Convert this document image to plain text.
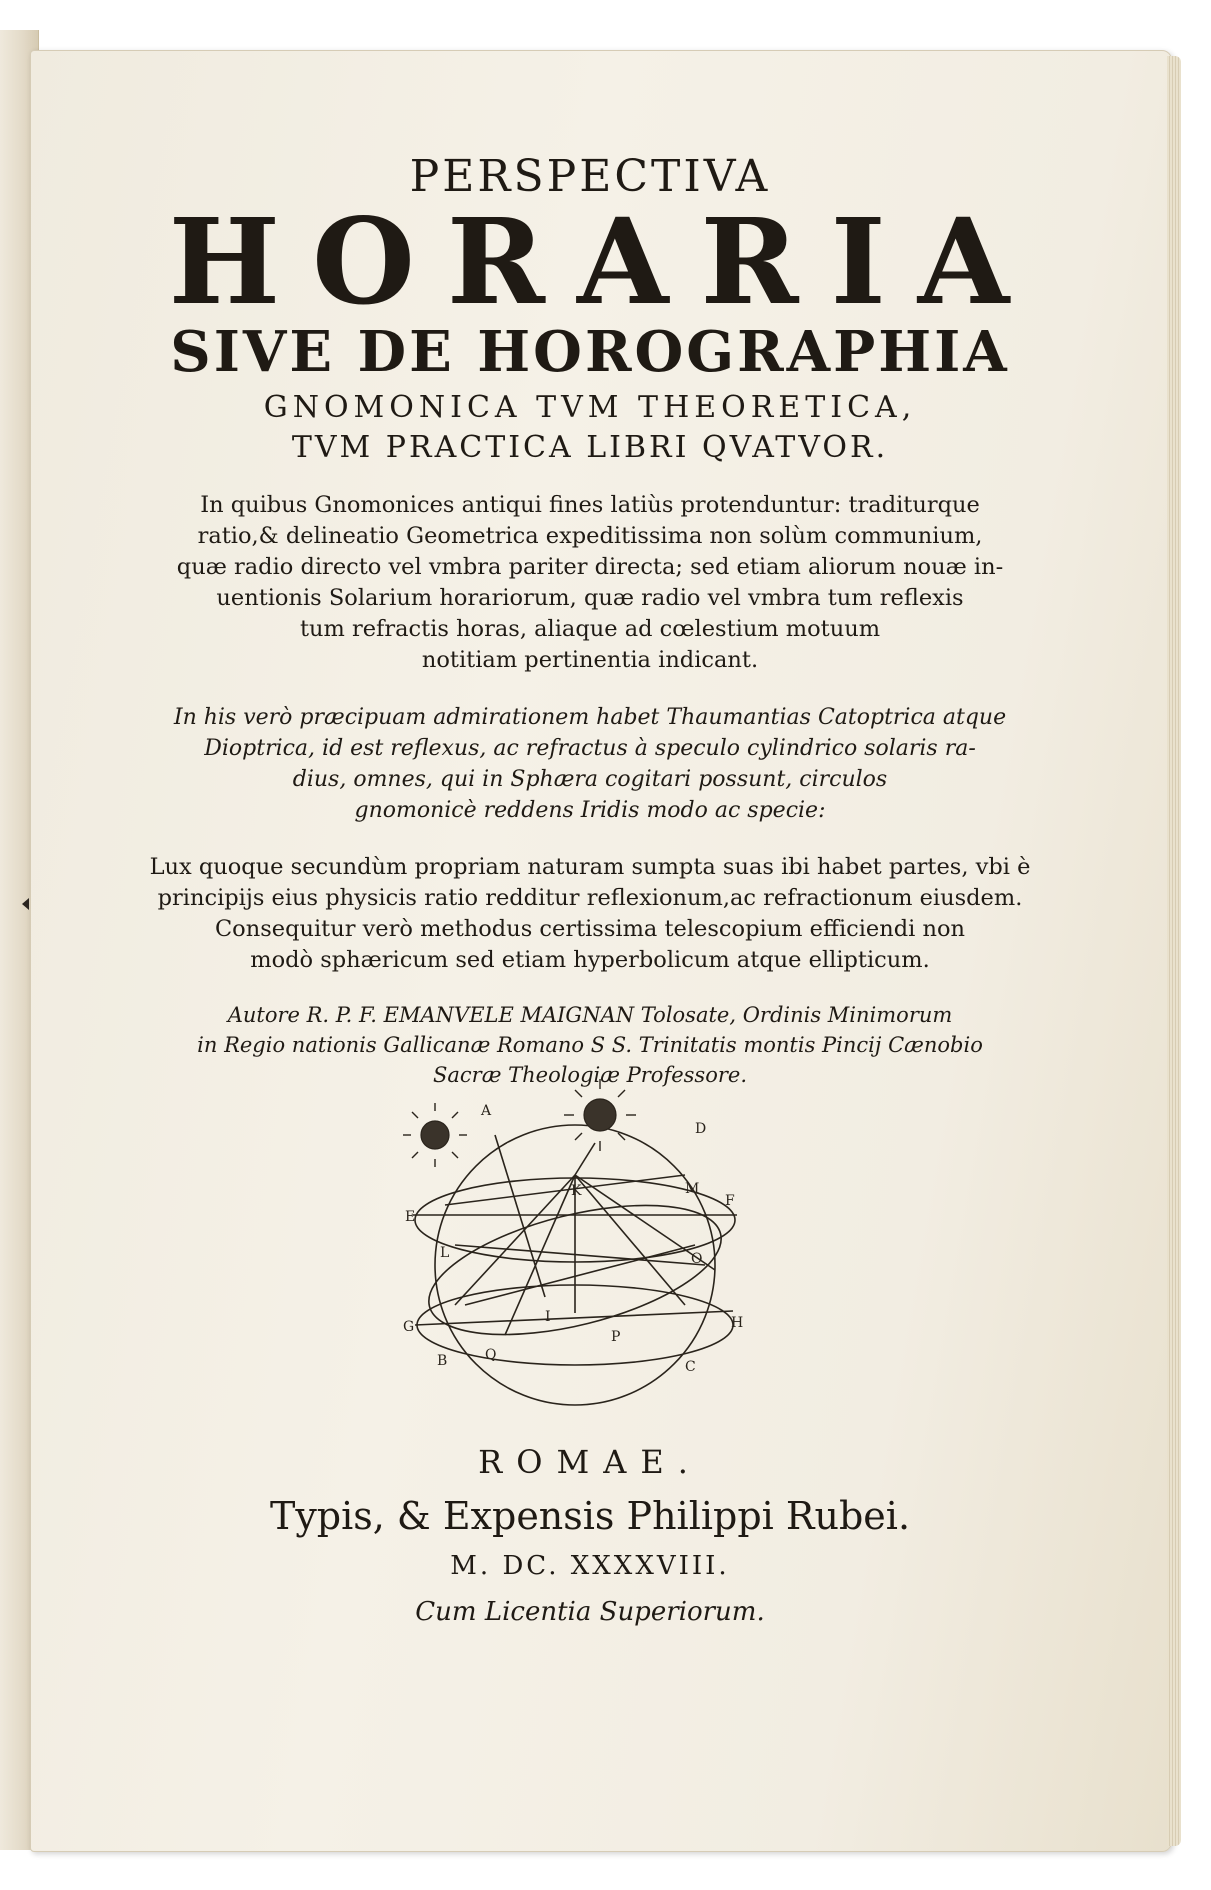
PERSPECTIVA

HORARIA

SIVE DE HOROGRAPHIA

GNOMONICA TVM THEORETICA,

TVM PRACTICA LIBRI QVATVOR.

In quibus Gnomonices antiqui fines latiùs protenduntur: traditurque
ratio,& delineatio Geometrica expeditissima non solùm communium,
quæ radio directo vel vmbra pariter directa; sed etiam aliorum nouæ in-
uentionis Solarium horariorum, quæ radio vel vmbra tum reflexis
tum refractis horas, aliaque ad cœlestium motuum
notitiam pertinentia indicant.

In his verò præcipuam admirationem habet Thaumantias Catoptrica atque
Dioptrica, id est reflexus, ac refractus à speculo cylindrico solaris ra-
dius, omnes, qui in Sphæra cogitari possunt, circulos
gnomonicè reddens Iridis modo ac specie:

Lux quoque secundùm propriam naturam sumpta suas ibi habet partes, vbi è
principijs eius physicis ratio redditur reflexionum,ac refractionum eiusdem.
Consequitur verò methodus certissima telescopium efficiendi non
modò sphæricum sed etiam hyperbolicum atque ellipticum.

Autore R. P. F. EMANVELE MAIGNAN Tolosate, Ordinis Minimorum
in Regio nationis Gallicanæ Romano S S. Trinitatis montis Pincij Cænobio
Sacræ Theologiæ Professore.

A
D
M
F
E
K
L	O
G	H
I
P
B	Q
C

ROMAE.

Typis, & Expensis Philippi Rubei.

M. DC. XXXXVIII.

Cum Licentia Superiorum.
